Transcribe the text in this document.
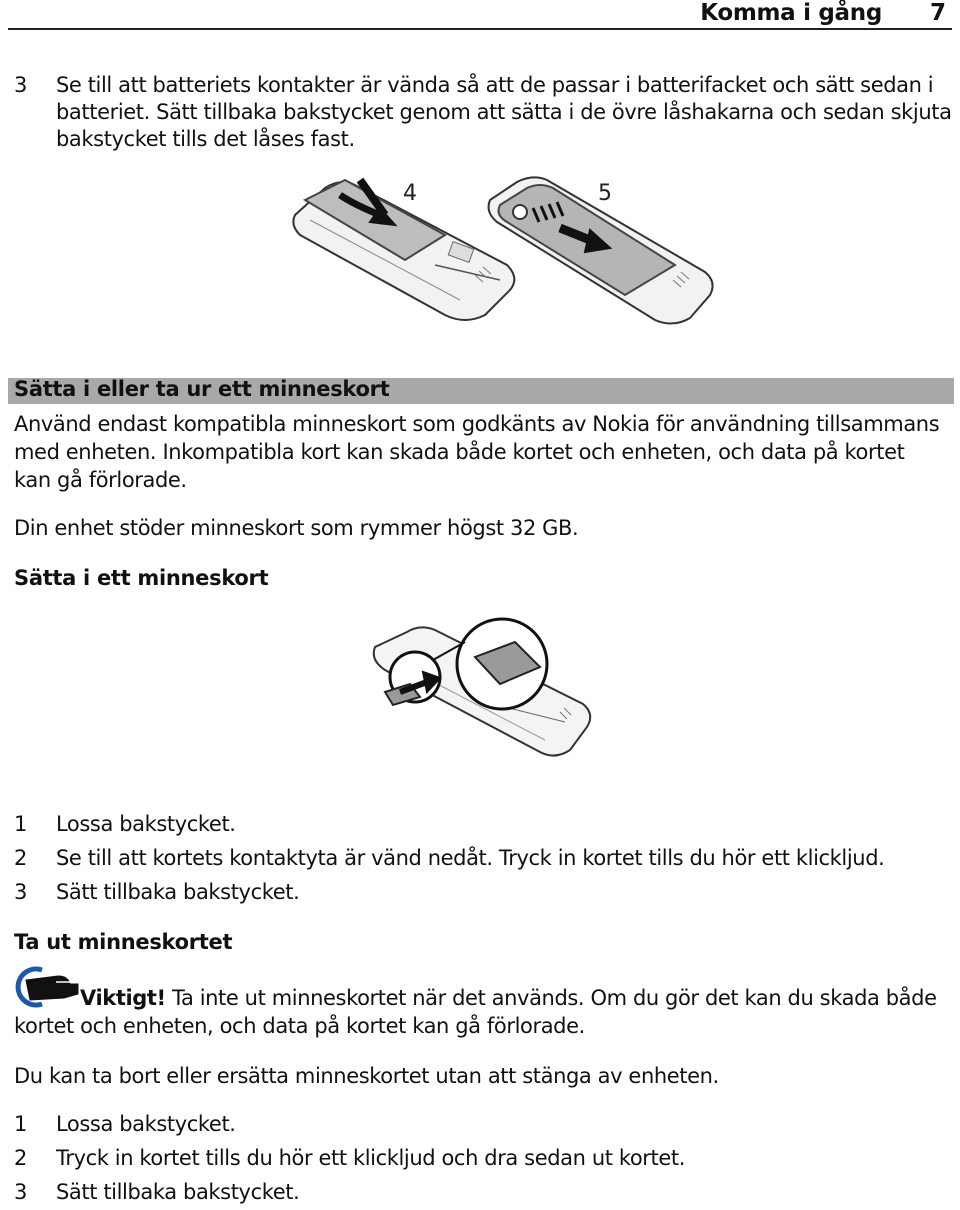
Komma i gång 7
3	Se till att batteriets kontakter är vända så att de passar i batterifacket och sätt sedan i batteriet. Sätt tillbaka bakstycket genom att sätta i de övre låshakarna och sedan skjuta bakstycket tills det låses fast.
4	5
Sätta i eller ta ur ett minneskort
Använd endast kompatibla minneskort som godkänts av Nokia för användning tillsammans med enheten. Inkompatibla kort kan skada både kortet och enheten, och data på kortet kan gå förlorade.
Din enhet stöder minneskort som rymmer högst 32 GB.
Sätta i ett minneskort
1 Lossa bakstycket.
2 Se till att kortets kontaktyta är vänd nedåt. Tryck in kortet tills du hör ett klickljud.
3 Sätt tillbaka bakstycket.
Ta ut minneskortet
Viktigt! Ta inte ut minneskortet när det används. Om du gör det kan du skada både kortet och enheten, och data på kortet kan gå förlorade.
Du kan ta bort eller ersätta minneskortet utan att stänga av enheten.
1 Lossa bakstycket.
2 Tryck in kortet tills du hör ett klickljud och dra sedan ut kortet.
3 Sätt tillbaka bakstycket.
